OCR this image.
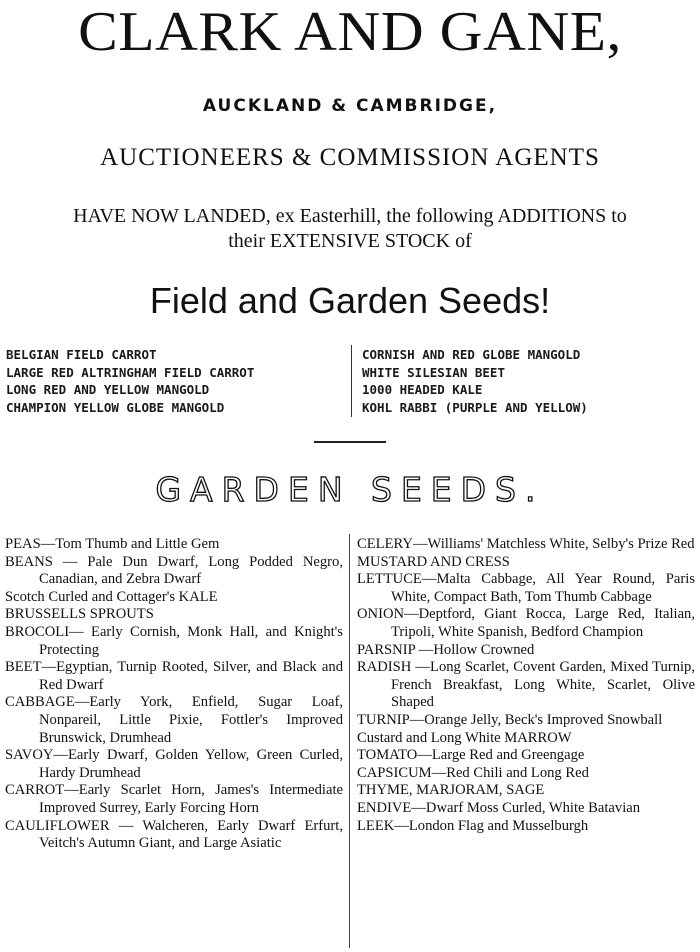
CLARK AND GANE,
AUCKLAND & CAMBRIDGE,
AUCTIONEERS & COMMISSION AGENTS
HAVE NOW LANDED, ex Easterhill, the following ADDITIONS to
their EXTENSIVE STOCK of
Field and Garden Seeds!
BELGIAN FIELD CARROT
LARGE RED ALTRINGHAM FIELD CARROT
LONG RED AND YELLOW MANGOLD
CHAMPION YELLOW GLOBE MANGOLD
CORNISH AND RED GLOBE MANGOLD
WHITE SILESIAN BEET
1000 HEADED KALE
KOHL RABBI (PURPLE AND YELLOW)
GARDEN SEEDS.

PEAS—Tom Thumb and Little Gem

BEANS — Pale Dun Dwarf, Long Podded Negro, Canadian, and Zebra Dwarf

Scotch Curled and Cottager's KALE

BRUSSELLS SPROUTS

BROCOLI— Early Cornish, Monk Hall, and Knight's Protecting

BEET—Egyptian, Turnip Rooted, Silver, and Black and Red Dwarf

CABBAGE—Early York, Enfield, Sugar Loaf, Nonpareil, Little Pixie, Fottler's Improved Brunswick, Drumhead

SAVOY—Early Dwarf, Golden Yellow, Green Curled, Hardy Drumhead

CARROT—Early Scarlet Horn, James's Intermediate Improved Surrey, Early Forcing Horn

CAULIFLOWER — Walcheren, Early Dwarf Erfurt, Veitch's Autumn Giant, and Large Asiatic

CELERY—Williams' Matchless White, Selby's Prize Red

MUSTARD AND CRESS

LETTUCE—Malta Cabbage, All Year Round, Paris White, Compact Bath, Tom Thumb Cabbage

ONION—Deptford, Giant Rocca, Large Red, Italian, Tripoli, White Spanish, Bedford Champion

PARSNIP —Hollow Crowned

RADISH —Long Scarlet, Covent Garden, Mixed Turnip, French Breakfast, Long White, Scarlet, Olive Shaped

TURNIP—Orange Jelly, Beck's Improved Snowball

Custard and Long White MARROW

TOMATO—Large Red and Greengage

CAPSICUM—Red Chili and Long Red

THYME, MARJORAM, SAGE

ENDIVE—Dwarf Moss Curled, White Batavian

LEEK—London Flag and Musselburgh
